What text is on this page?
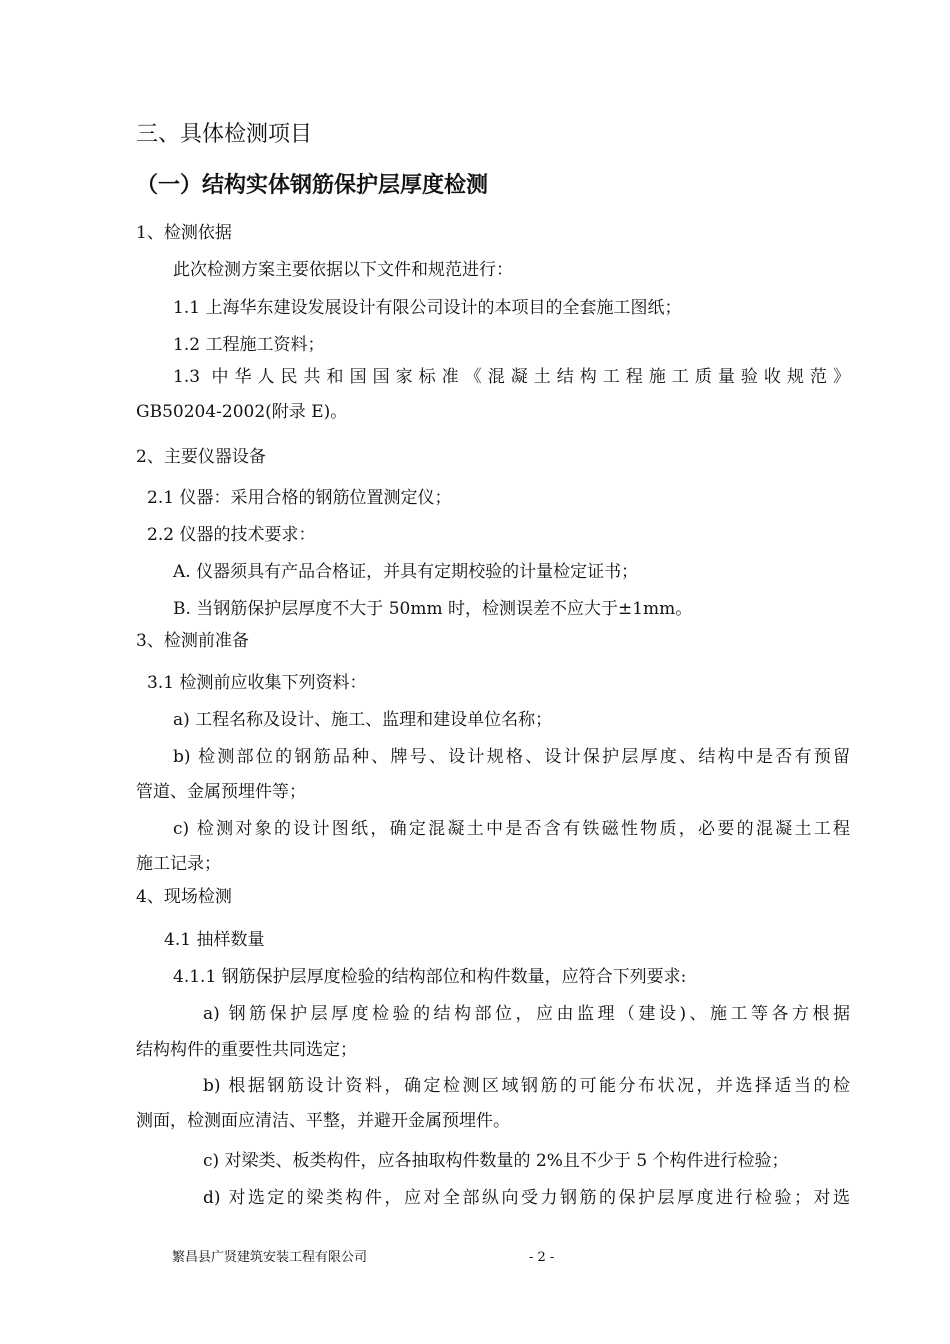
三、具体检测项目
（一）结构实体钢筋保护层厚度检测
1、检测依据
此次检测方案主要依据以下文件和规范进行：
1.1 上海华东建设发展设计有限公司设计的本项目的全套施工图纸；
1.2 工程施工资料；
1.3 中华人民共和国国家标准《混凝土结构工程施工质量验收规范》
GB50204-2002(附录 E)。
2、主要仪器设备
2.1 仪器：采用合格的钢筋位置测定仪；
2.2 仪器的技术要求：
A. 仪器须具有产品合格证，并具有定期校验的计量检定证书；
B. 当钢筋保护层厚度不大于 50mm 时，检测误差不应大于±1mm。
3、检测前准备
3.1 检测前应收集下列资料：
a) 工程名称及设计、施工、监理和建设单位名称；
b) 检测部位的钢筋品种、牌号、设计规格、设计保护层厚度、结构中是否有预留
管道、金属预埋件等；
c) 检测对象的设计图纸，确定混凝土中是否含有铁磁性物质，必要的混凝土工程
施工记录；
4、现场检测
4.1 抽样数量
4.1.1 钢筋保护层厚度检验的结构部位和构件数量，应符合下列要求:
a) 钢筋保护层厚度检验的结构部位，应由监理（建设)、施工等各方根据
结构构件的重要性共同选定；
b) 根据钢筋设计资料，确定检测区域钢筋的可能分布状况，并选择适当的检
测面，检测面应清洁、平整，并避开金属预埋件。
c) 对梁类、板类构件，应各抽取构件数量的 2%且不少于 5 个构件进行检验；
d) 对选定的梁类构件，应对全部纵向受力钢筋的保护层厚度进行检验；对选
繁昌县广贤建筑安装工程有限公司	- 2 -
